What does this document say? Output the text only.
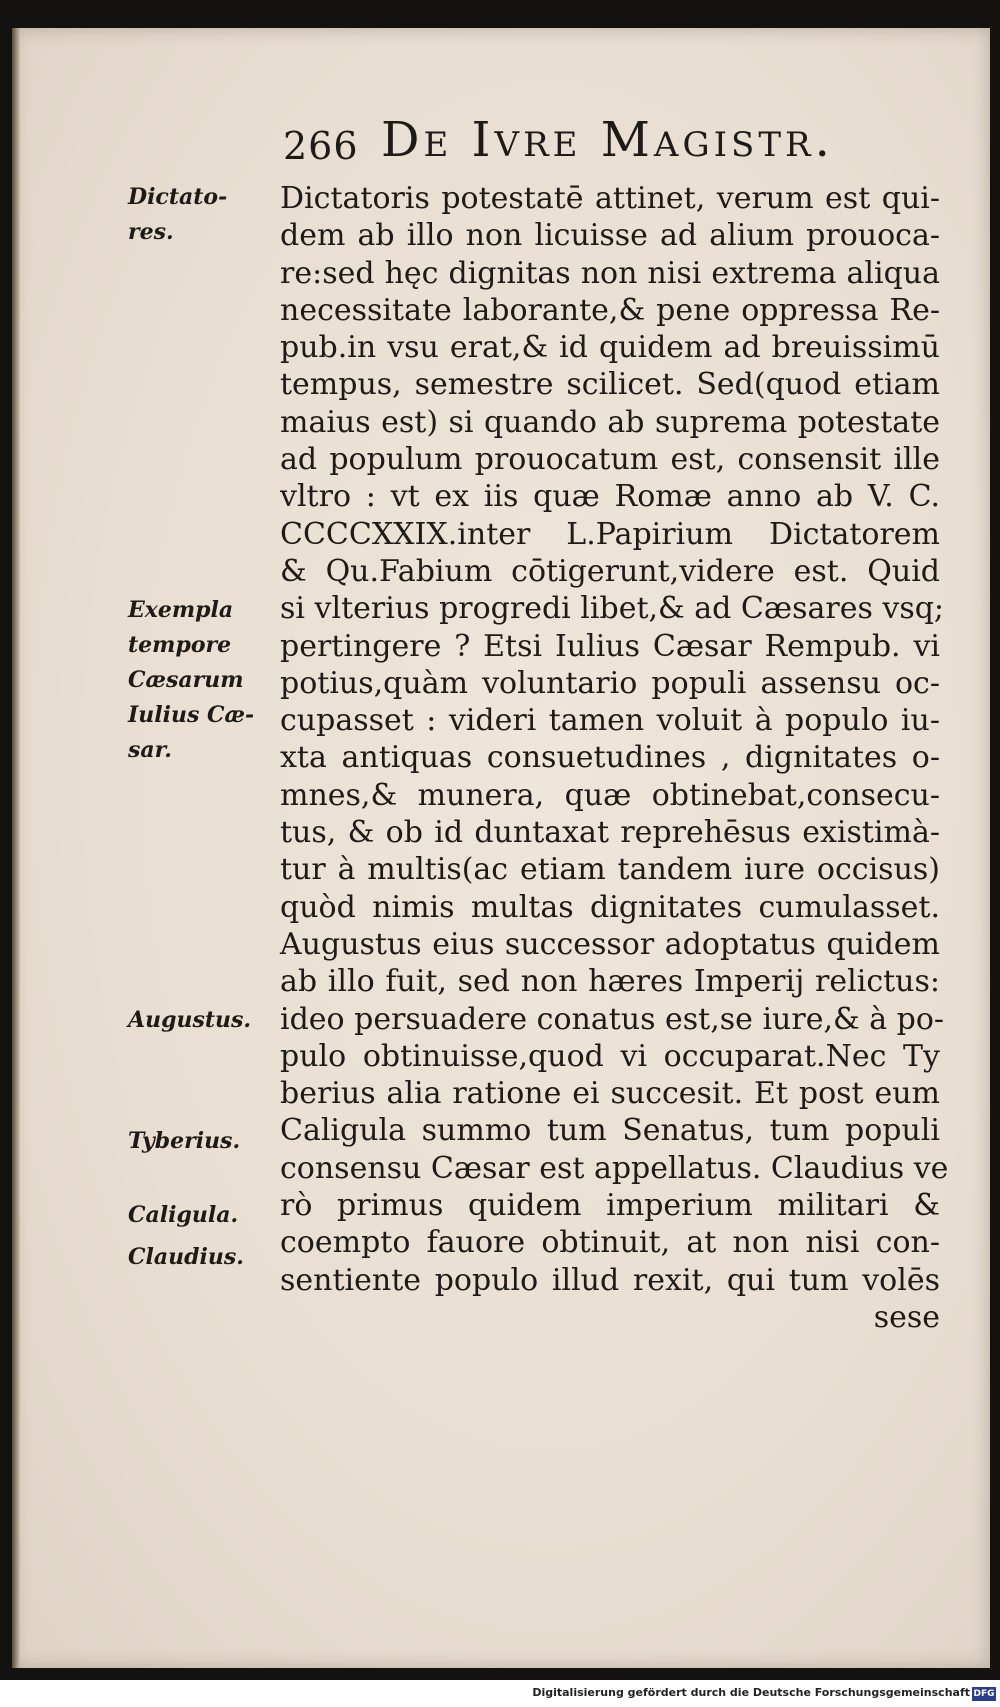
266 De Ivre Magistr.
Dictatoris potestatē attinet, verum est qui-
dem ab illo non licuisse ad alium prouoca-
re:sed hęc dignitas non nisi extrema aliqua
necessitate laborante,& pene oppressa Re-
pub.in vsu erat,& id quidem ad breuissimū
tempus, semestre scilicet. Sed(quod etiam
maius est) si quando ab suprema potestate
ad populum prouocatum est, consensit ille
vltro : vt ex iis quæ Romæ anno ab V. C.
CCCCXXIX.inter L.Papirium Dictatorem
& Qu.Fabium cōtigerunt,videre est. Quid
si vlterius progredi libet,& ad Cæsares vsq;
pertingere ? Etsi Iulius Cæsar Rempub. vi
potius,quàm voluntario populi assensu oc-
cupasset : videri tamen voluit à populo iu-
xta antiquas consuetudines , dignitates o-
mnes,& munera, quæ obtinebat,consecu-
tus, & ob id duntaxat reprehēsus existimà-
tur à multis(ac etiam tandem iure occisus)
quòd nimis multas dignitates cumulasset.
Augustus eius successor adoptatus quidem
ab illo fuit, sed non hæres Imperij relictus:
ideo persuadere conatus est,se iure,& à po-
pulo obtinuisse,quod vi occuparat.Nec Ty
berius alia ratione ei succesit. Et post eum
Caligula summo tum Senatus, tum populi
consensu Cæsar est appellatus. Claudius ve
rò primus quidem imperium militari &
coempto fauore obtinuit, at non nisi con-
sentiente populo illud rexit, qui tum volēs
sese
Dictato-
res.
Exempla
tempore
Cæsarum
Iulius Cæ-
sar.
Augustus.
Tyberius.
Caligula.
Claudius.
Digitalisierung gefördert durch die Deutsche Forschungsgemeinschaft DFG
